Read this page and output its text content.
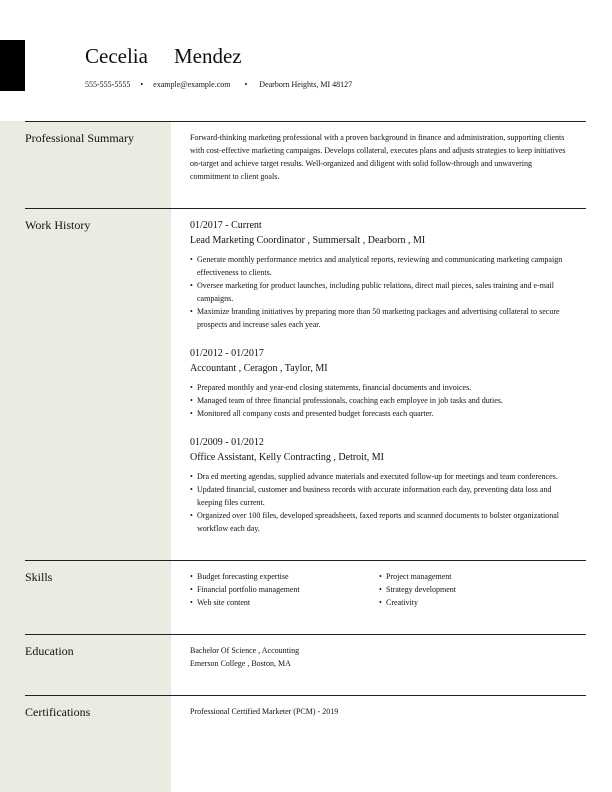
Cecelia Mendez
555-555-5555 • example@example.com • Dearborn Heights, MI 48127
Professional Summary	Forward-thinking marketing professional with a proven background in finance and administration, supporting clients with cost-effective marketing campaigns. Develops collateral, executes plans and adjusts strategies to keep initiatives on-target and achieve target results. Well-organized and diligent with solid follow-through and unwavering commitment to client goals.

Work History	01/2017 - Current
Lead Marketing Coordinator , Summersalt , Dearborn , MI
• Generate monthly performance metrics and analytical reports, reviewing and communicating marketing campaign effectiveness to clients.
• Oversee marketing for product launches, including public relations, direct mail pieces, sales training and e-mail campaigns.
• Maximize branding initiatives by preparing more than 50 marketing packages and advertising collateral to secure prospects and increase sales each year.
01/2012 - 01/2017
Accountant , Ceragon , Taylor, MI
• Prepared monthly and year-end closing statements, financial documents and invoices.
• Managed team of three financial professionals, coaching each employee in job tasks and duties.
• Monitored all company costs and presented budget forecasts each quarter.
01/2009 - 01/2012
Office Assistant, Kelly Contracting , Detroit, MI
• Dra ed meeting agendas, supplied advance materials and executed follow-up for meetings and team conferences.
• Updated financial, customer and business records with accurate information each day, preventing data loss and keeping files current.
• Organized over 100 files, developed spreadsheets, faxed reports and scanned documents to bolster organizational workflow each day.
Skills
•	Budget forecasting expertise
• Financial portfolio management
• Web site content
• Project management
• Strategy development
• Creativity
Education	Bachelor Of Science , Accounting

Emerson College , Boston, MA

Certifications	Professional Certified Marketer (PCM) - 2019
